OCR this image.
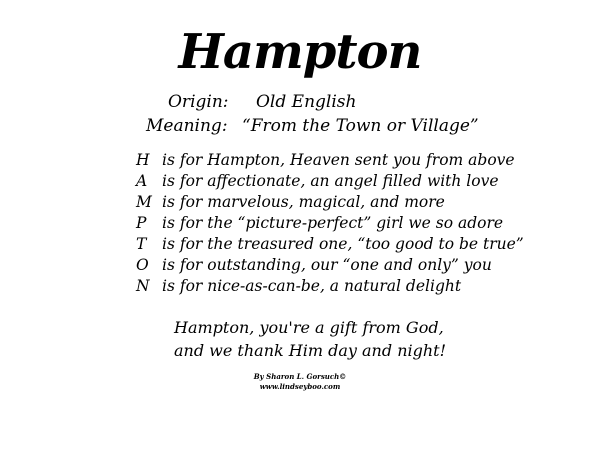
Hampton
Origin: Old English
Meaning: “From the Town or Village”
H is for Hampton, Heaven sent you from above
A is for affectionate, an angel filled with love
M is for marvelous, magical, and more
P	is for the “picture-perfect” girl we so adore
T	is for the treasured one, “too good to be true”
O is for outstanding, our “one and only” you
N is for nice-as-can-be, a natural delight
Hampton, you're a gift from God,
and we thank Him day and night!
By Sharon L. Gorsuch©
www.lindseyboo.com
